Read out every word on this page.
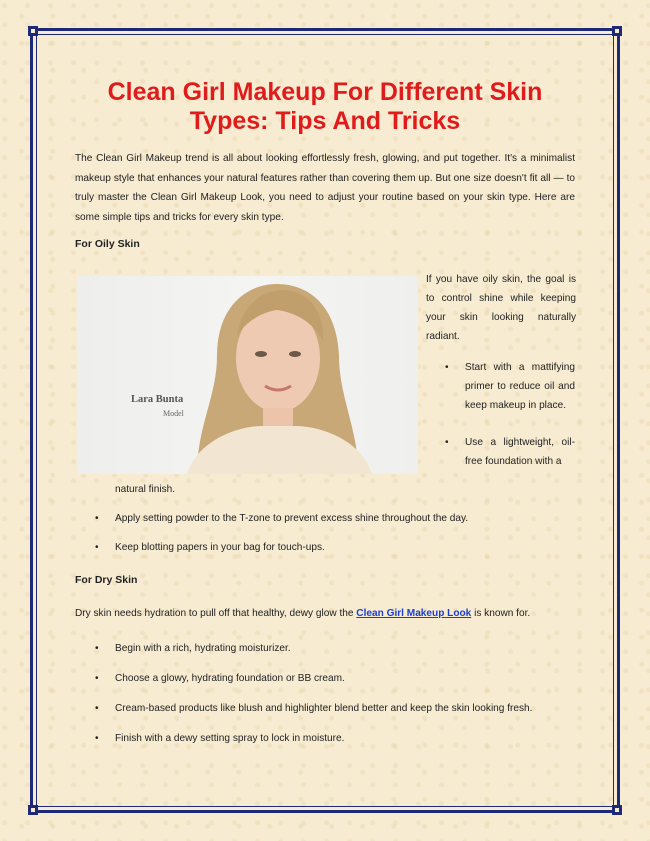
Clean Girl Makeup For Different Skin Types: Tips And Tricks

The Clean Girl Makeup trend is all about looking effortlessly fresh, glowing, and put together. It's a minimalist makeup style that enhances your natural features rather than covering them up. But one size doesn't fit all — to truly master the Clean Girl Makeup Look, you need to adjust your routine based on your skin type. Here are some simple tips and tricks for every skin type.

For Oily Skin

Lara Bunta
Model
If you have oily skin, the goal is to control shine while keeping your skin looking naturally radiant.
• Start with a mattifying primer to reduce oil and keep makeup in place.
• Use a lightweight, oil-free foundation with a

natural finish.

• Apply setting powder to the T-zone to prevent excess shine throughout the day.
• Keep blotting papers in your bag for touch-ups.

For Dry Skin

Dry skin needs hydration to pull off that healthy, dewy glow the Clean Girl Makeup Look is known for.

• Begin with a rich, hydrating moisturizer.
• Choose a glowy, hydrating foundation or BB cream.
• Cream-based products like blush and highlighter blend better and keep the skin looking fresh.
• Finish with a dewy setting spray to lock in moisture.
